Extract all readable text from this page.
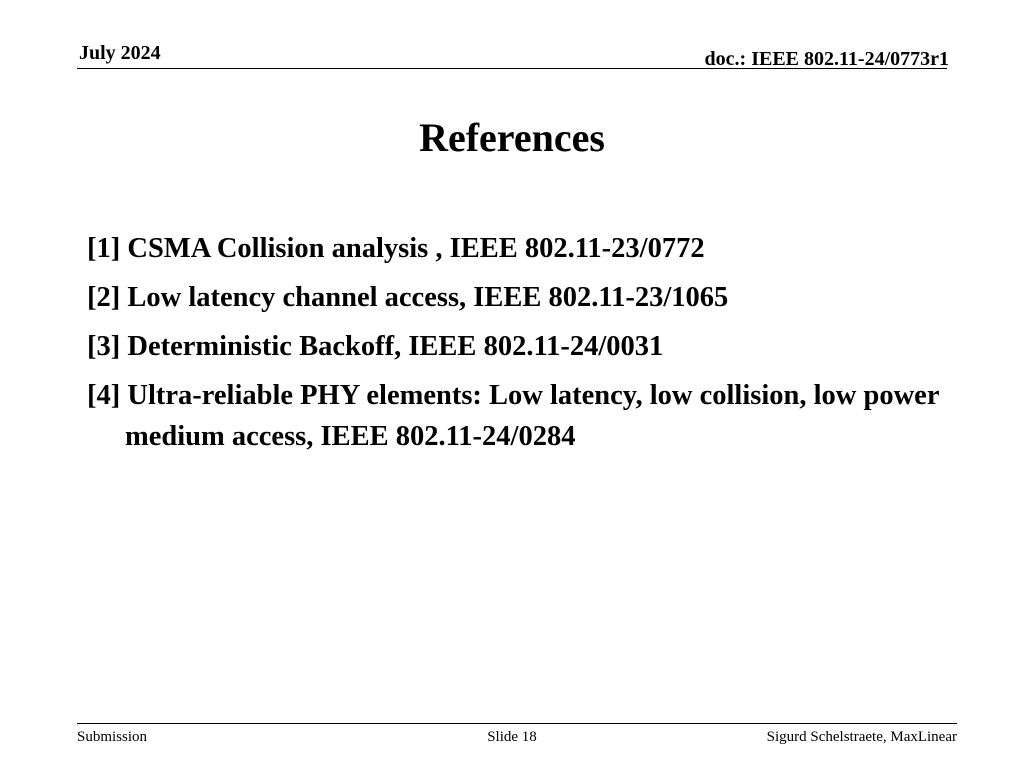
July 2024	doc.: IEEE 802.11-24/0773r1
References
[1] CSMA Collision analysis , IEEE 802.11-23/0772
[2] Low latency channel access, IEEE 802.11-23/1065
[3] Deterministic Backoff, IEEE 802.11-24/0031
[4] Ultra-reliable PHY elements: Low latency, low collision, low power medium access, IEEE 802.11-24/0284
Submission	Slide 18	Sigurd Schelstraete, MaxLinear
